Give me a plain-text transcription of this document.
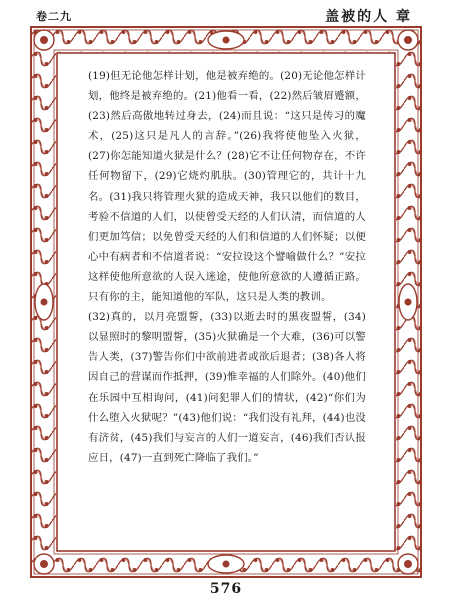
卷二九	盖被的人 章

(19)但无论他怎样计划，他是被弃绝的。(20)无论他怎样计划，他终是被弃绝的。(21)他看一看，(22)然后皱眉蹙额，(23)然后高傲地转过身去，(24)而且说：“这只是传习的魔术，(25)这只是凡人的言辞。”(26)我将使他坠入火狱，(27)你怎能知道火狱是什么？(28)它不让任何物存在，不许任何物留下，(29)它烧灼肌肤。(30)管理它的，共计十九名。(31)我只将管理火狱的造成天神，我只以他们的数目，考验不信道的人们，以使曾受天经的人们认清，而信道的人们更加笃信；以免曾受天经的人们和信道的人们怀疑；以便心中有病者和不信道者说：“安拉设这个譬喻做什么？”安拉这样使他所意欲的人误入迷途，使他所意欲的人遵循正路。只有你的主，能知道他的军队，这只是人类的教训。

(32)真的，以月亮盟誓，(33)以逝去时的黑夜盟誓，(34)以显照时的黎明盟誓，(35)火狱确是一个大难，(36)可以警告人类，(37)警告你们中欲前进者或欲后退者；(38)各人将因自己的营谋而作抵押，(39)惟幸福的人们除外。(40)他们在乐园中互相询问，(41)问犯罪人们的情状，(42)“你们为什么堕入火狱呢？”(43)他们说：“我们没有礼拜，(44)也没有济贫，(45)我们与妄言的人们一道妄言，(46)我们否认报应日，(47)一直到死亡降临了我们。”

576
